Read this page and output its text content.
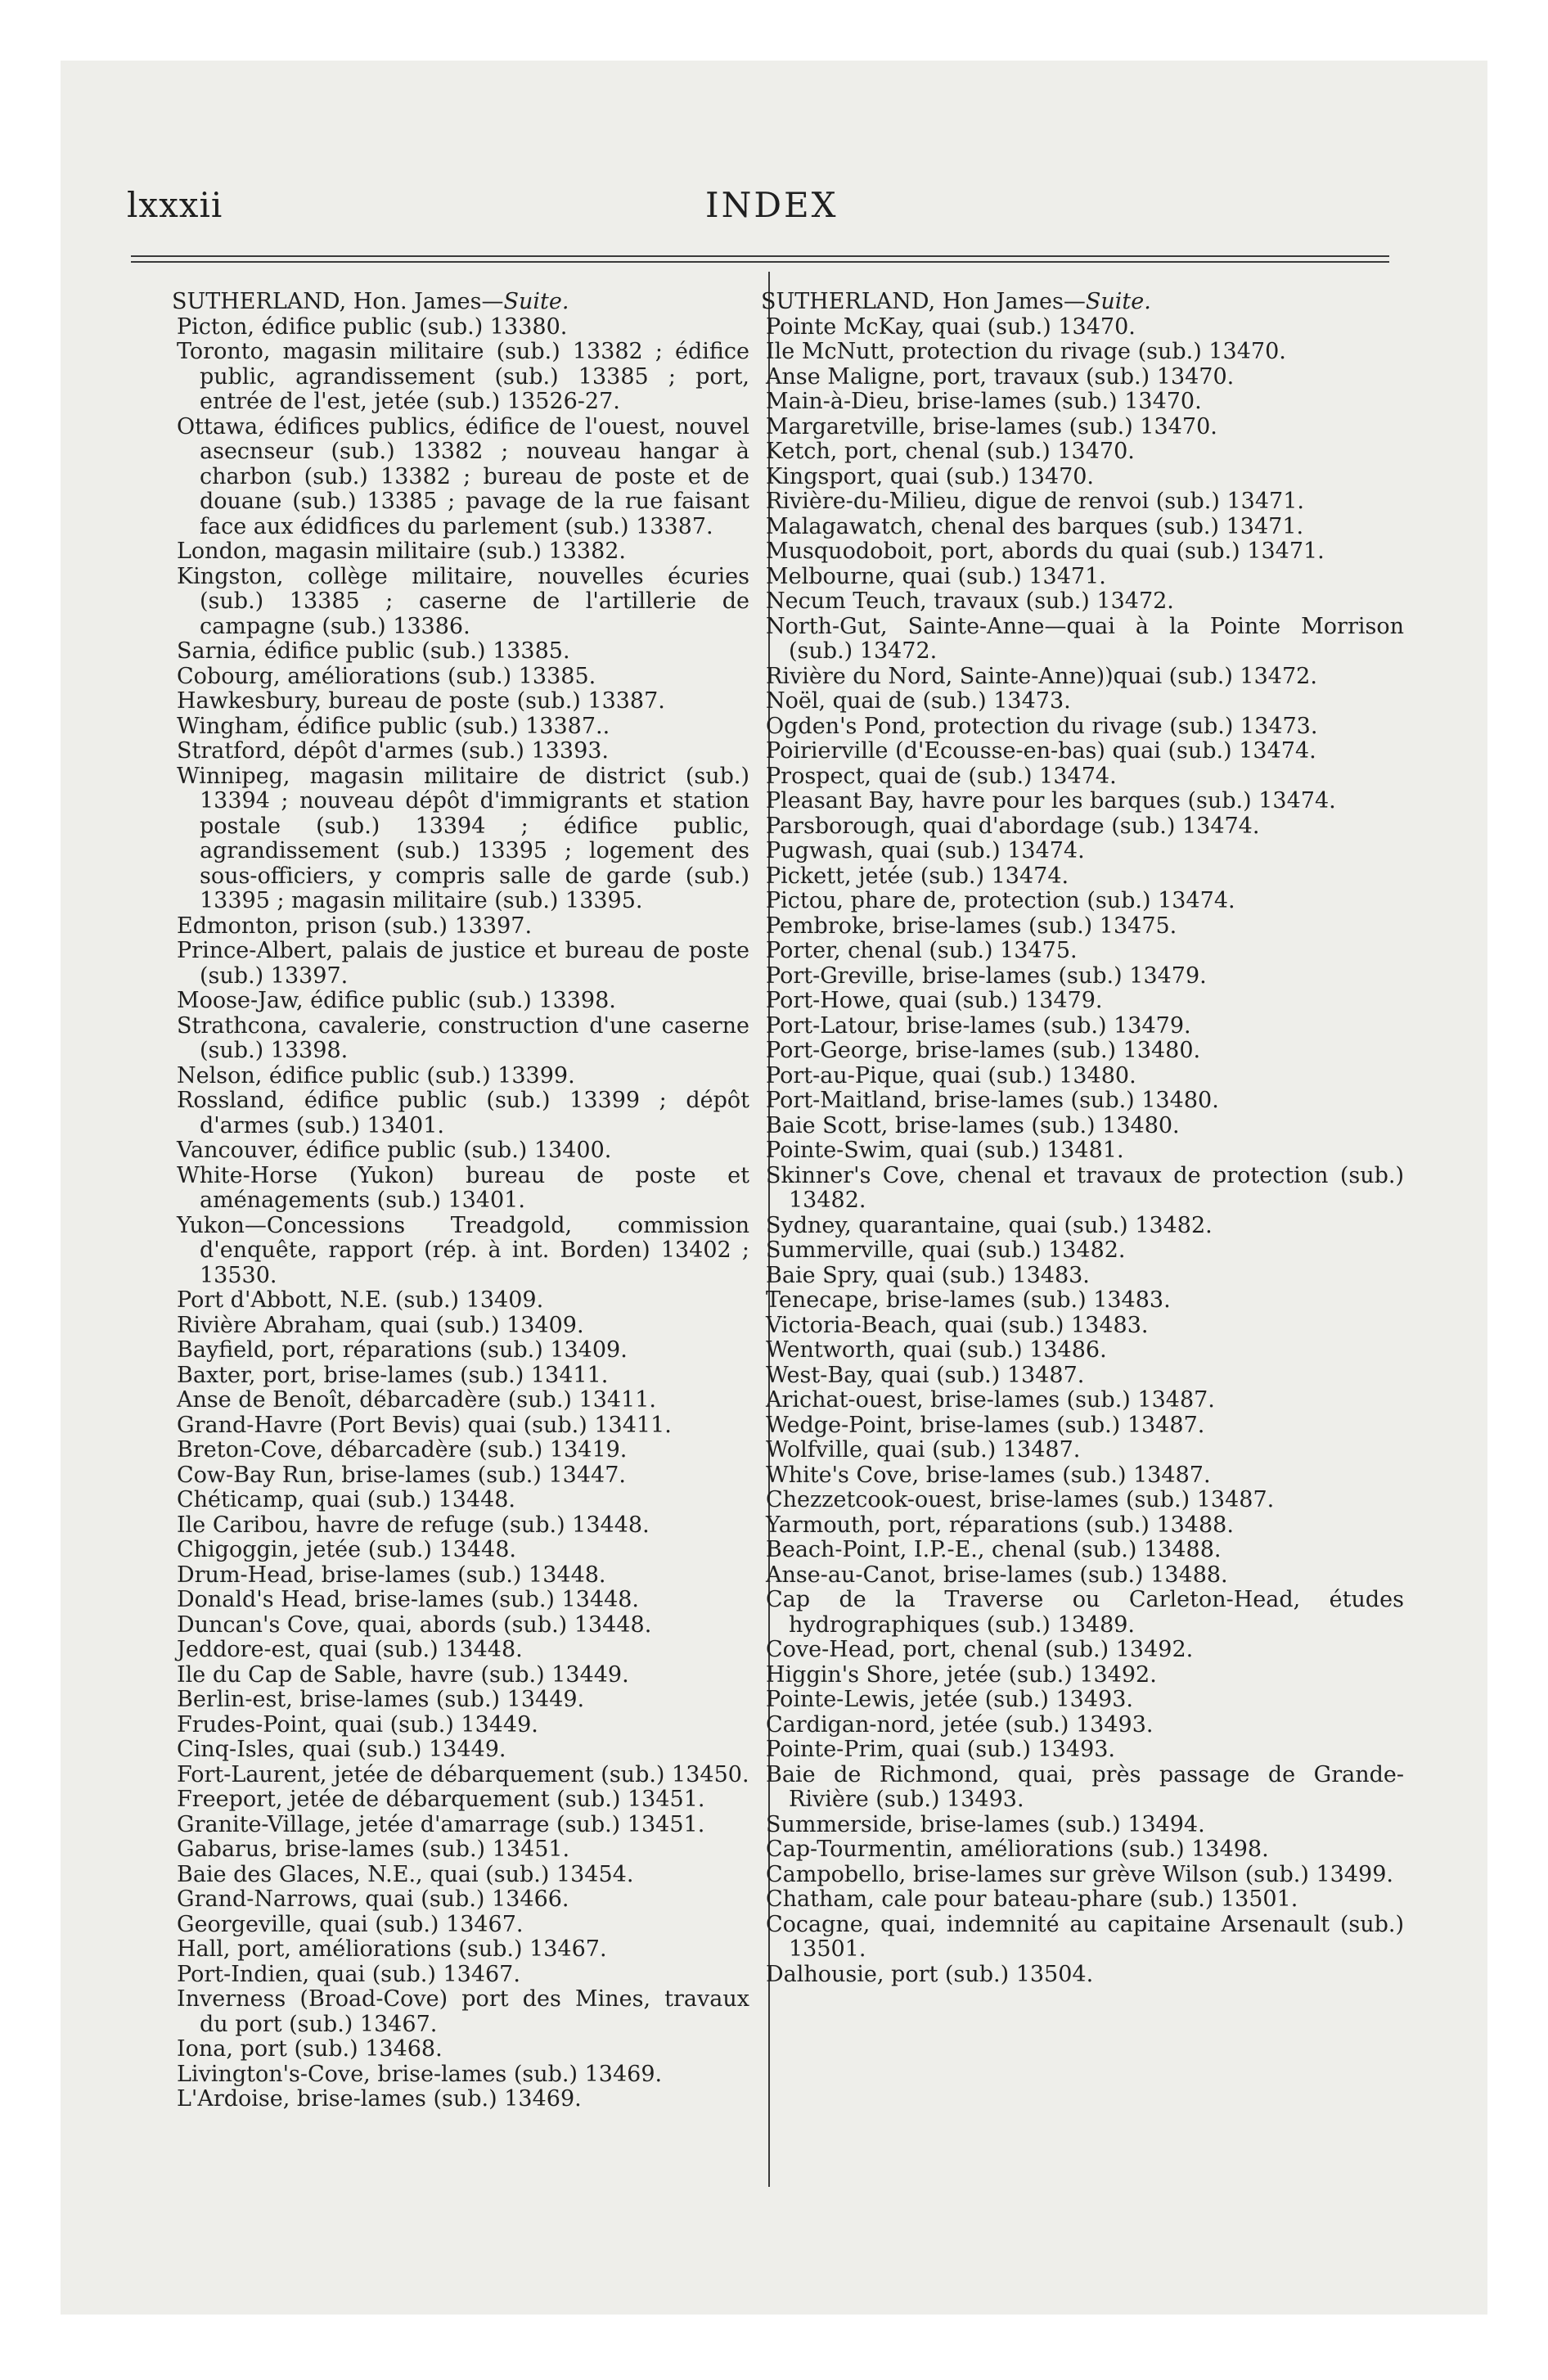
lxxxii	INDEX
SUTHERLAND, Hon. James—Suite.
Picton, édifice public (sub.) 13380.
Toronto, magasin militaire (sub.) 13382 ; édifice public, agrandissement (sub.) 13385 ; port, entrée de l'est, jetée (sub.) 13526-27.
Ottawa, édifices publics, édifice de l'ouest, nouvel asecnseur (sub.) 13382 ; nouveau hangar à charbon (sub.) 13382 ; bureau de poste et de douane (sub.) 13385 ; pavage de la rue faisant face aux édidfices du parlement (sub.) 13387.
London, magasin militaire (sub.) 13382.
Kingston, collège militaire, nouvelles écuries (sub.) 13385 ; caserne de l'artillerie de campagne (sub.) 13386.
Sarnia, édifice public (sub.) 13385.
Cobourg, améliorations (sub.) 13385.
Hawkesbury, bureau de poste (sub.) 13387.
Wingham, édifice public (sub.) 13387..
Stratford, dépôt d'armes (sub.) 13393.
Winnipeg, magasin militaire de district (sub.) 13394 ; nouveau dépôt d'immigrants et station postale (sub.) 13394 ; édifice public, agrandissement (sub.) 13395 ; logement des sous-officiers, y compris salle de garde (sub.) 13395 ; magasin militaire (sub.) 13395.
Edmonton, prison (sub.) 13397.
Prince-Albert, palais de justice et bureau de poste (sub.) 13397.
Moose-Jaw, édifice public (sub.) 13398.
Strathcona, cavalerie, construction d'une caserne (sub.) 13398.
Nelson, édifice public (sub.) 13399.
Rossland, édifice public (sub.) 13399 ; dépôt d'armes (sub.) 13401.
Vancouver, édifice public (sub.) 13400.
White-Horse (Yukon) bureau de poste et aménagements (sub.) 13401.
Yukon—Concessions Treadgold, commission d'enquête, rapport (rép. à int. Borden) 13402 ; 13530.
Port d'Abbott, N.E. (sub.) 13409.
Rivière Abraham, quai (sub.) 13409.
Bayfield, port, réparations (sub.) 13409.
Baxter, port, brise-lames (sub.) 13411.
Anse de Benoît, débarcadère (sub.) 13411.
Grand-Havre (Port Bevis) quai (sub.) 13411.
Breton-Cove, débarcadère (sub.) 13419.
Cow-Bay Run, brise-lames (sub.) 13447.
Chéticamp, quai (sub.) 13448.
Ile Caribou, havre de refuge (sub.) 13448.
Chigoggin, jetée (sub.) 13448.
Drum-Head, brise-lames (sub.) 13448.
Donald's Head, brise-lames (sub.) 13448.
Duncan's Cove, quai, abords (sub.) 13448.
Jeddore-est, quai (sub.) 13448.
Ile du Cap de Sable, havre (sub.) 13449.
Berlin-est, brise-lames (sub.) 13449.
Frudes-Point, quai (sub.) 13449.
Cinq-Isles, quai (sub.) 13449.
Fort-Laurent, jetée de débarquement (sub.) 13450.
Freeport, jetée de débarquement (sub.) 13451.
Granite-Village, jetée d'amarrage (sub.) 13451.
Gabarus, brise-lames (sub.) 13451.
Baie des Glaces, N.E., quai (sub.) 13454.
Grand-Narrows, quai (sub.) 13466.
Georgeville, quai (sub.) 13467.
Hall, port, améliorations (sub.) 13467.
Port-Indien, quai (sub.) 13467.
Inverness (Broad-Cove) port des Mines, travaux du port (sub.) 13467.
Iona, port (sub.) 13468.
Livington's-Cove, brise-lames (sub.) 13469.
L'Ardoise, brise-lames (sub.) 13469.
SUTHERLAND, Hon James—Suite.
Pointe McKay, quai (sub.) 13470.
Ile McNutt, protection du rivage (sub.) 13470.
Anse Maligne, port, travaux (sub.) 13470.
Main-à-Dieu, brise-lames (sub.) 13470.
Margaretville, brise-lames (sub.) 13470.
Ketch, port, chenal (sub.) 13470.
Kingsport, quai (sub.) 13470.
Rivière-du-Milieu, digue de renvoi (sub.) 13471.
Malagawatch, chenal des barques (sub.) 13471.
Musquodoboit, port, abords du quai (sub.) 13471.
Melbourne, quai (sub.) 13471.
Necum Teuch, travaux (sub.) 13472.
North-Gut, Sainte-Anne—quai à la Pointe Morrison (sub.) 13472.
Rivière du Nord, Sainte-Anne))quai (sub.) 13472.
Noël, quai de (sub.) 13473.
Ogden's Pond, protection du rivage (sub.) 13473.
Poirierville (d'Ecousse-en-bas) quai (sub.) 13474.
Prospect, quai de (sub.) 13474.
Pleasant Bay, havre pour les barques (sub.) 13474.
Parsborough, quai d'abordage (sub.) 13474.
Pugwash, quai (sub.) 13474.
Pickett, jetée (sub.) 13474.
Pictou, phare de, protection (sub.) 13474.
Pembroke, brise-lames (sub.) 13475.
Porter, chenal (sub.) 13475.
Port-Greville, brise-lames (sub.) 13479.
Port-Howe, quai (sub.) 13479.
Port-Latour, brise-lames (sub.) 13479.
Port-George, brise-lames (sub.) 13480.
Port-au-Pique, quai (sub.) 13480.
Port-Maitland, brise-lames (sub.) 13480.
Baie Scott, brise-lames (sub.) 13480.
Pointe-Swim, quai (sub.) 13481.
Skinner's Cove, chenal et travaux de protection (sub.) 13482.
Sydney, quarantaine, quai (sub.) 13482.
Summerville, quai (sub.) 13482.
Baie Spry, quai (sub.) 13483.
Tenecape, brise-lames (sub.) 13483.
Victoria-Beach, quai (sub.) 13483.
Wentworth, quai (sub.) 13486.
West-Bay, quai (sub.) 13487.
Arichat-ouest, brise-lames (sub.) 13487.
Wedge-Point, brise-lames (sub.) 13487.
Wolfville, quai (sub.) 13487.
White's Cove, brise-lames (sub.) 13487.
Chezzetcook-ouest, brise-lames (sub.) 13487.
Yarmouth, port, réparations (sub.) 13488.
Beach-Point, I.P.-E., chenal (sub.) 13488.
Anse-au-Canot, brise-lames (sub.) 13488.
Cap de la Traverse ou Carleton-Head, études hydrographiques (sub.) 13489.
Cove-Head, port, chenal (sub.) 13492.
Higgin's Shore, jetée (sub.) 13492.
Pointe-Lewis, jetée (sub.) 13493.
Cardigan-nord, jetée (sub.) 13493.
Pointe-Prim, quai (sub.) 13493.
Baie de Richmond, quai, près passage de Grande-Rivière (sub.) 13493.
Summerside, brise-lames (sub.) 13494.
Cap-Tourmentin, améliorations (sub.) 13498.
Campobello, brise-lames sur grève Wilson (sub.) 13499.
Chatham, cale pour bateau-phare (sub.) 13501.
Cocagne, quai, indemnité au capitaine Arsenault (sub.) 13501.
Dalhousie, port (sub.) 13504.
